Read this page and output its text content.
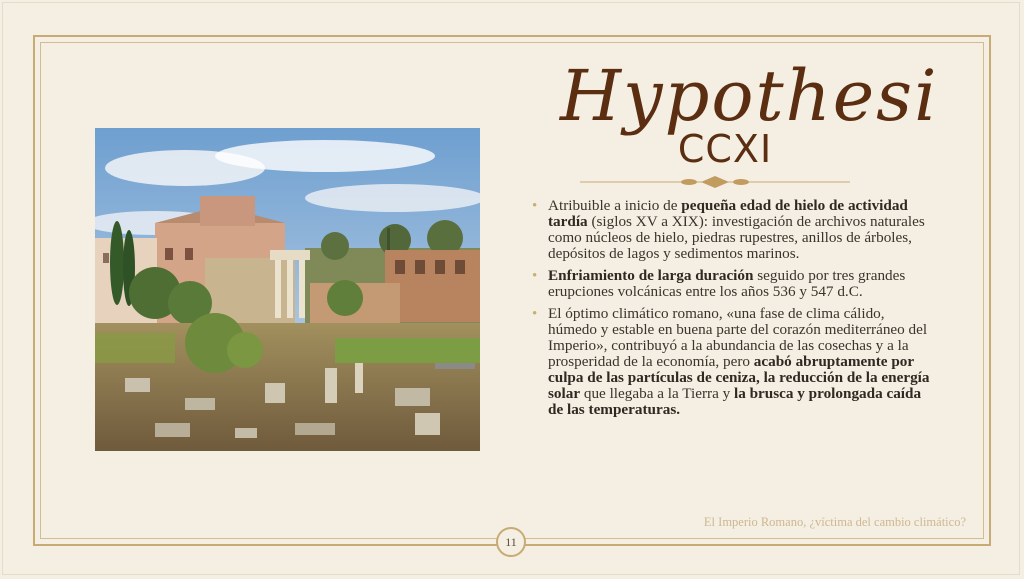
Hypothesi
CCXI
• Atribuible a inicio de pequeña edad de hielo de actividad tardía (siglos XV a XIX): investigación de archivos naturales como núcleos de hielo, piedras rupestres, anillos de árboles, depósitos de lagos y sedimentos marinos.
• Enfriamiento de larga duración seguido por tres grandes erupciones volcánicas entre los años 536 y 547 d.C.
• El óptimo climático romano, «una fase de clima cálido, húmedo y estable en buena parte del corazón mediterráneo del Imperio», contribuyó a la abundancia de las cosechas y a la prosperidad de la economía, pero acabó abruptamente por culpa de las partículas de ceniza, la reducción de la energía solar que llegaba a la Tierra y la brusca y prolongada caída de las temperaturas.
El Imperio Romano, ¿víctima del cambio climático?
11
